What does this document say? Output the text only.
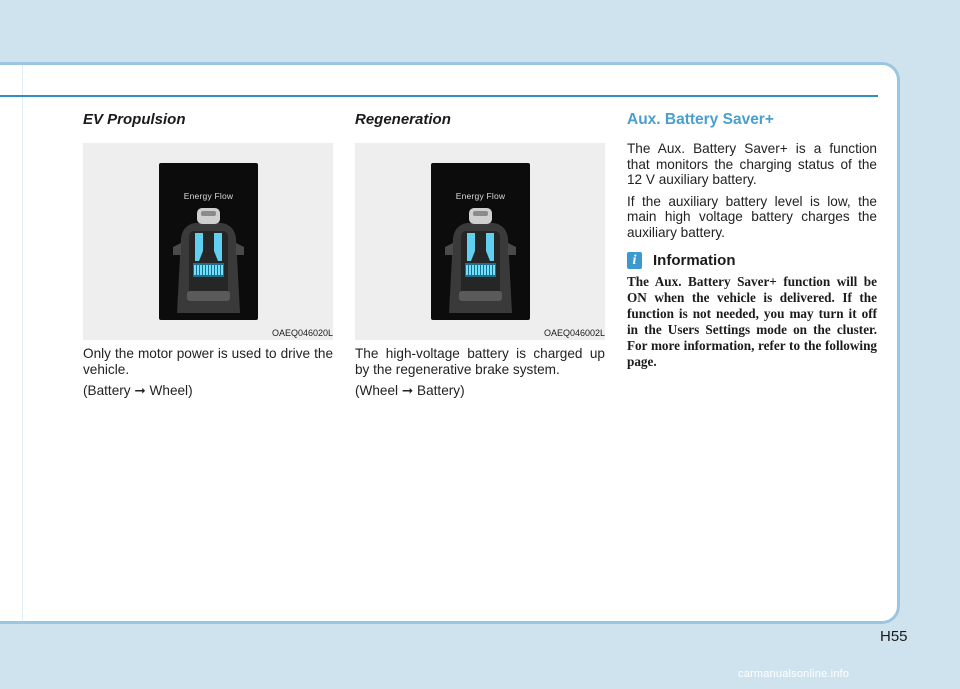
EV Propulsion
Energy Flow
OAEQ046020L
Only the motor power is used to drive the vehicle.
(Battery ➞ Wheel)
Regeneration
Energy Flow
OAEQ046002L
The high-voltage battery is charged up by the regenerative brake system.
(Wheel ➞ Battery)
Aux. Battery Saver+
The Aux. Battery Saver+ is a function that monitors the charging status of the 12 V auxiliary battery.
If the auxiliary battery level is low, the main high voltage battery charges the auxiliary battery.
i	Information
The Aux. Battery Saver+ function will be ON when the vehicle is delivered. If the function is not needed, you may turn it off in the Users Settings mode on the cluster. For more information, refer to the following page.
H55
carmanualsonline.info
